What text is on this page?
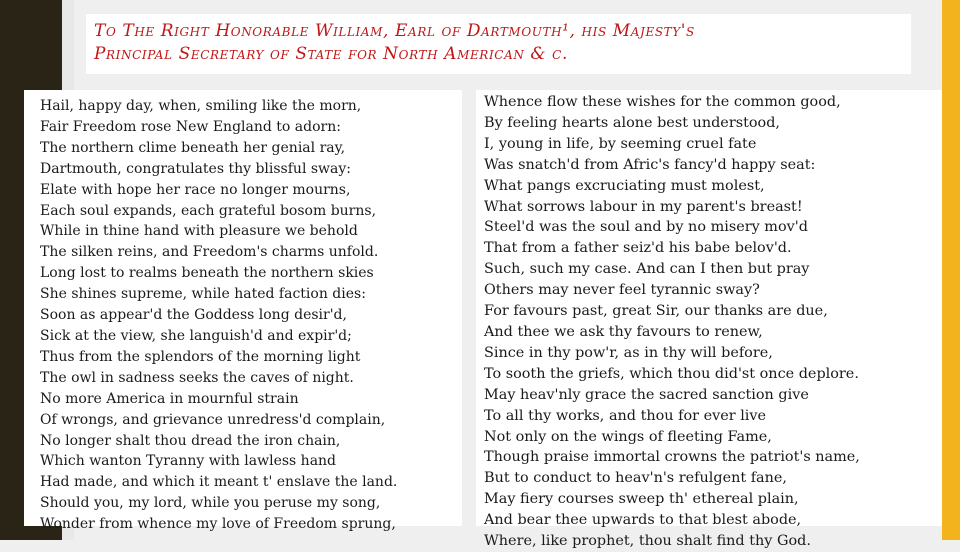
To The Right Honorable William, Earl of Dartmouth¹, his Majesty's

Principal Secretary of State for North American & c.

Hail, happy day, when, smiling like the morn,
Fair Freedom rose New England to adorn:
The northern clime beneath her genial ray,
Dartmouth, congratulates thy blissful sway:
Elate with hope her race no longer mourns,
Each soul expands, each grateful bosom burns,
While in thine hand with pleasure we behold
The silken reins, and Freedom's charms unfold.
Long lost to realms beneath the northern skies
She shines supreme, while hated faction dies:
Soon as appear'd the Goddess long desir'd,
Sick at the view, she languish'd and expir'd;
Thus from the splendors of the morning light
The owl in sadness seeks the caves of night.
No more America in mournful strain
Of wrongs, and grievance unredress'd complain,
No longer shalt thou dread the iron chain,
Which wanton Tyranny with lawless hand
Had made, and which it meant t' enslave the land.
Should you, my lord, while you peruse my song,
Wonder from whence my love of Freedom sprung,
Whence flow these wishes for the common good,
By feeling hearts alone best understood,
I, young in life, by seeming cruel fate
Was snatch'd from Afric's fancy'd happy seat:
What pangs excruciating must molest,
What sorrows labour in my parent's breast!
Steel'd was the soul and by no misery mov'd
That from a father seiz'd his babe belov'd.
Such, such my case. And can I then but pray
Others may never feel tyrannic sway?
For favours past, great Sir, our thanks are due,
And thee we ask thy favours to renew,
Since in thy pow'r, as in thy will before,
To sooth the griefs, which thou did'st once deplore.
May heav'nly grace the sacred sanction give
To all thy works, and thou for ever live
Not only on the wings of fleeting Fame,
Though praise immortal crowns the patriot's name,
But to conduct to heav'n's refulgent fane,
May fiery courses sweep th' ethereal plain,
And bear thee upwards to that blest abode,
Where, like prophet, thou shalt find thy God.
